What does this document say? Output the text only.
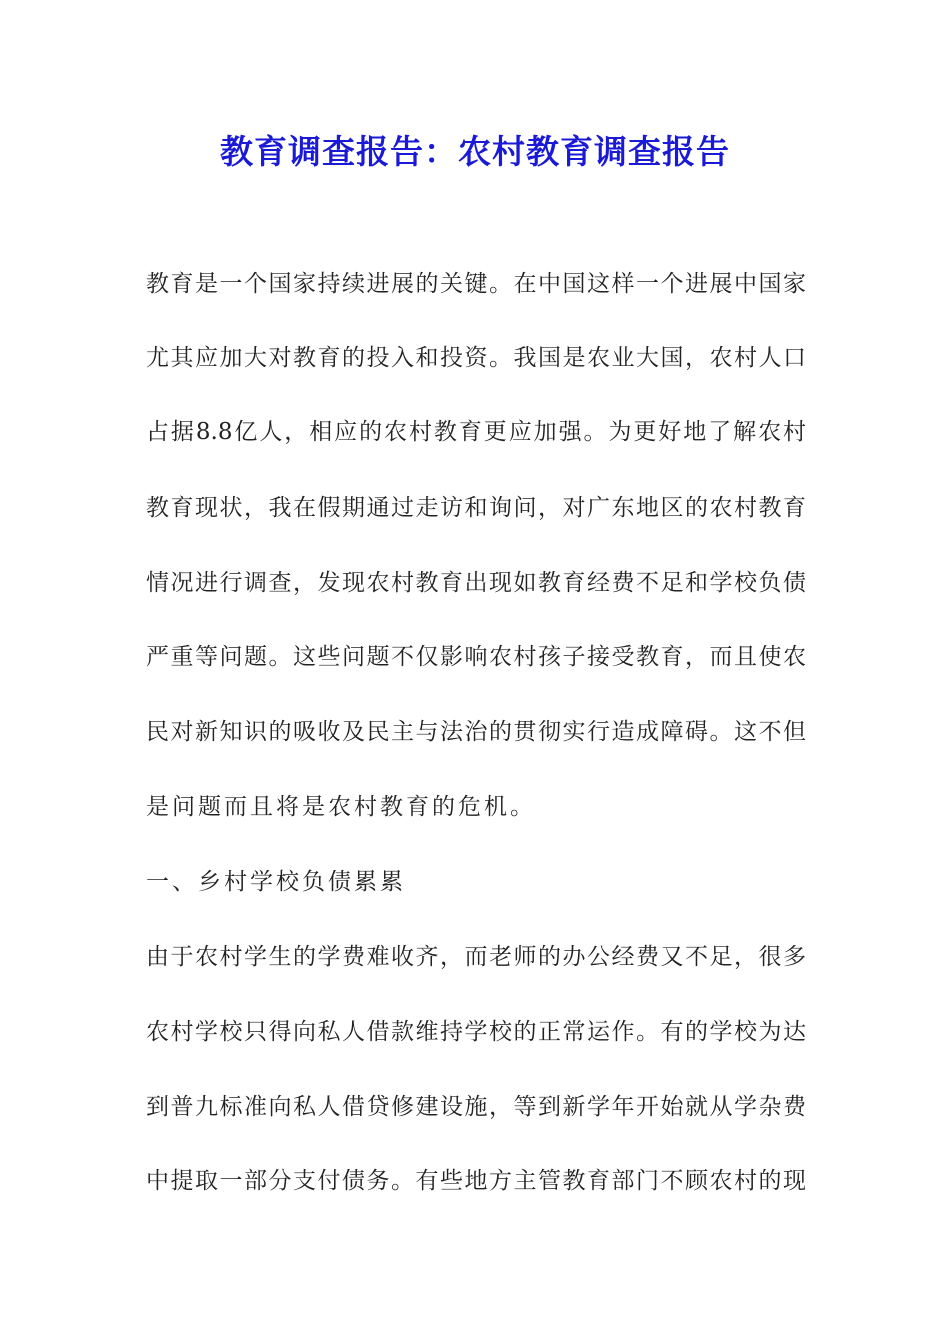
教育调查报告：农村教育调查报告
教育是一个国家持续进展的关键。在中国这样一个进展中国家
尤其应加大对教育的投入和投资。我国是农业大国，农村人口
占据8.8亿人，相应的农村教育更应加强。为更好地了解农村
教育现状，我在假期通过走访和询问，对广东地区的农村教育
情况进行调查，发现农村教育出现如教育经费不足和学校负债
严重等问题。这些问题不仅影响农村孩子接受教育，而且使农
民对新知识的吸收及民主与法治的贯彻实行造成障碍。这不但
是问题而且将是农村教育的危机。
一、乡村学校负债累累
由于农村学生的学费难收齐，而老师的办公经费又不足，很多
农村学校只得向私人借款维持学校的正常运作。有的学校为达
到普九标准向私人借贷修建设施，等到新学年开始就从学杂费
中提取一部分支付债务。有些地方主管教育部门不顾农村的现
